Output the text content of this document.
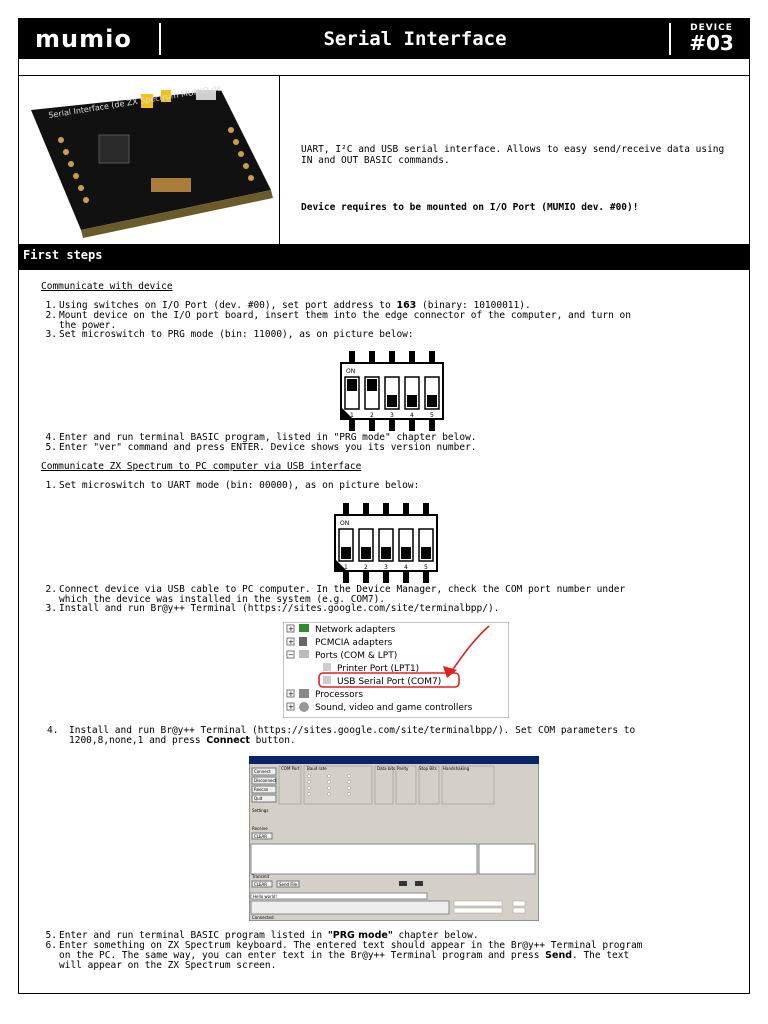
mumio	Serial Interface	DEVICE
#03
Serial Interface (de ZX Spectrum MUMIO de
UART, I²C and USB serial interface. Allows to easy send/receive data using IN and OUT BASIC commands.
Device requires to be mounted on I/O Port (MUMIO dev. #00)!
First steps
Communicate with device
1. Using switches on I/O Port (dev. #00), set port address to 163 (binary: 10100011).
2. Mount device on the I/O port board, insert them into the edge connector of the computer, and turn on
the power.
3. Set microswitch to PRG mode (bin: 11000), as on picture below:
ON
1	2	3	4	5
4. Enter and run terminal BASIC program, listed in "PRG mode" chapter below.
5. Enter "ver" command and press ENTER. Device shows you its version number.
Communicate ZX Spectrum to PC computer via USB interface
1. Set microswitch to UART mode (bin: 00000), as on picture below:
ON
1	2	3	4	5
2. Connect device via USB cable to PC computer. In the Device Manager, check the COM port number under
which the device was installed in the system (e.g. COM7).
3. Install and run Br@y++ Terminal (https://sites.google.com/site/terminalbpp/).
+ Network adapters
+ PCMCIA adapters
− Ports (COM & LPT)
Printer Port (LPT1)
USB Serial Port (COM7)
+ Processors
+ Sound, video and game controllers
4. Install and run Br@y++ Terminal (https://sites.google.com/site/terminalbpp/). Set COM parameters to
1200,8,none,1 and press Connect button.
Connect
Disconnect
Rescan
Quit
COM Port Baud rate	Data bits Parity	Stop Bits Handshaking
Settings
Receive
Transmit
CLEAR
CLEAR	Send File
Hello world!
Connected
5. Enter and run terminal BASIC program listed in "PRG mode" chapter below.
6. Enter something on ZX Spectrum keyboard. The entered text should appear in the Br@y++ Terminal program
on the PC. The same way, you can enter text in the Br@y++ Terminal program and press Send. The text
will appear on the ZX Spectrum screen.
